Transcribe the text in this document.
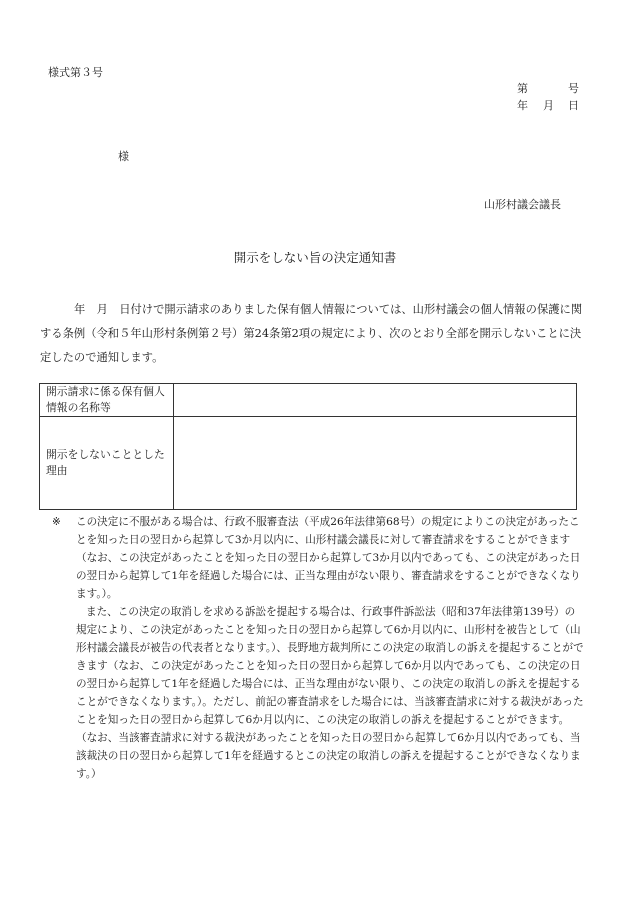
様式第３号
第	号
年 月 日
様
山形村議会議長
開示をしない旨の決定通知書

年　月　日付けで開示請求のありました保有個人情報については、山形村議会の個人情報の保護に関する条例（令和５年山形村条例第２号）第24条第2項の規定により、次のとおり全部を開示しないことに決定したので通知します。

開示請求に係る保有個人情報の名称等	
開示をしないこととした理由	

※ この決定に不服がある場合は、行政不服審査法（平成26年法律第68号）の規定によりこの決定があったことを知った日の翌日から起算して3か月以内に、山形村議会議長に対して審査請求をすることができます（なお、この決定があったことを知った日の翌日から起算して3か月以内であっても、この決定があった日の翌日から起算して1年を経過した場合には、正当な理由がない限り、審査請求をすることができなくなります。）。

また、この決定の取消しを求める訴訟を提起する場合は、行政事件訴訟法（昭和37年法律第139号）の規定により、この決定があったことを知った日の翌日から起算して6か月以内に、山形村を被告として（山　形村議会議長が被告の代表者となります。）、長野地方裁判所にこの決定の取消しの訴えを提起することができます（なお、この決定があったことを知った日の翌日から起算して6か月以内であっても、この決定の日の翌日から起算して1年を経過した場合には、正当な理由がない限り、この決定の取消しの訴えを提起することができなくなります。）。ただし、前記の審査請求をした場合には、当該審査請求に対する裁決があったことを知った日の翌日から起算して6か月以内に、この決定の取消しの訴えを提起することができます。（なお、当該審査請求に対する裁決があったことを知った日の翌日から起算して6か月以内であっても、当該裁決の日の翌日から起算して1年を経過するとこの決定の取消しの訴えを提起することができなくなります。）
